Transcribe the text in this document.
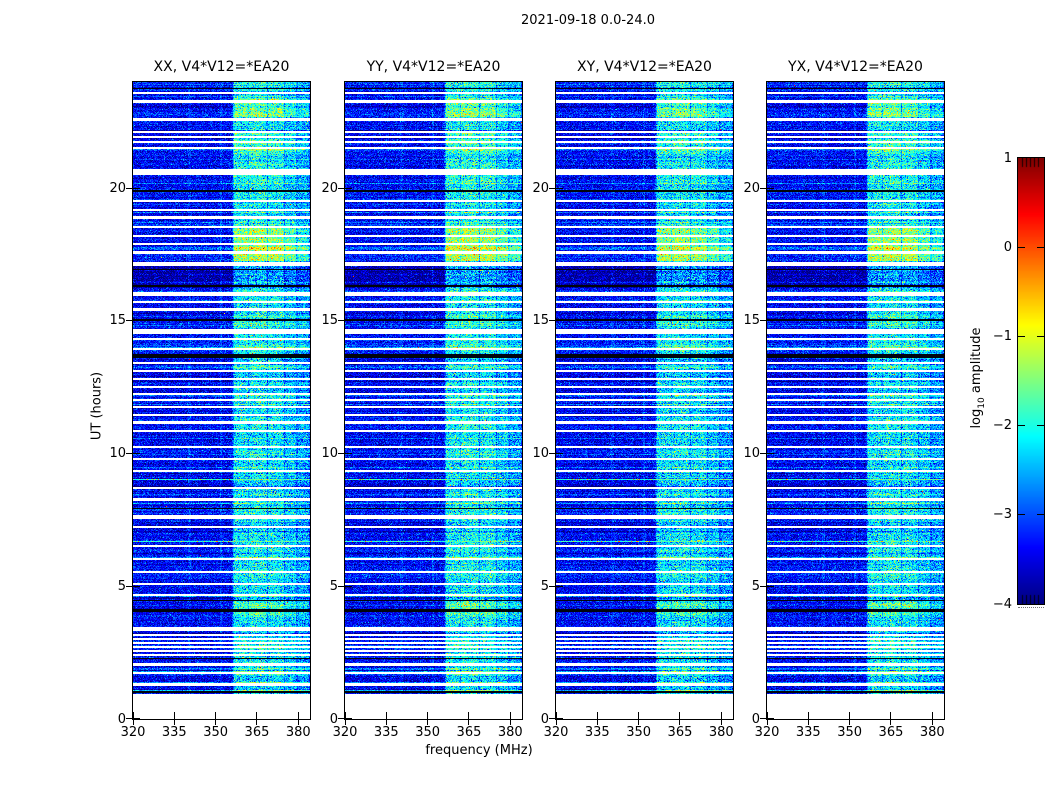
2021-09-18 0.0-24.0
UT (hours)
XX, V4*V12=*EA20
320	335	350	365	380
0
5
10
15
20
YY, V4*V12=*EA20
320	335	350	365	380
0
5
10
15
20
XY, V4*V12=*EA20
320	335	350	365	380
0
5
10
15
20
YX, V4*V12=*EA20
320	335	350	365	380
0
5
10
15
20
frequency (MHz)
1
0
−1
−2
−3
−4
$\log_{10}$ amplitude
